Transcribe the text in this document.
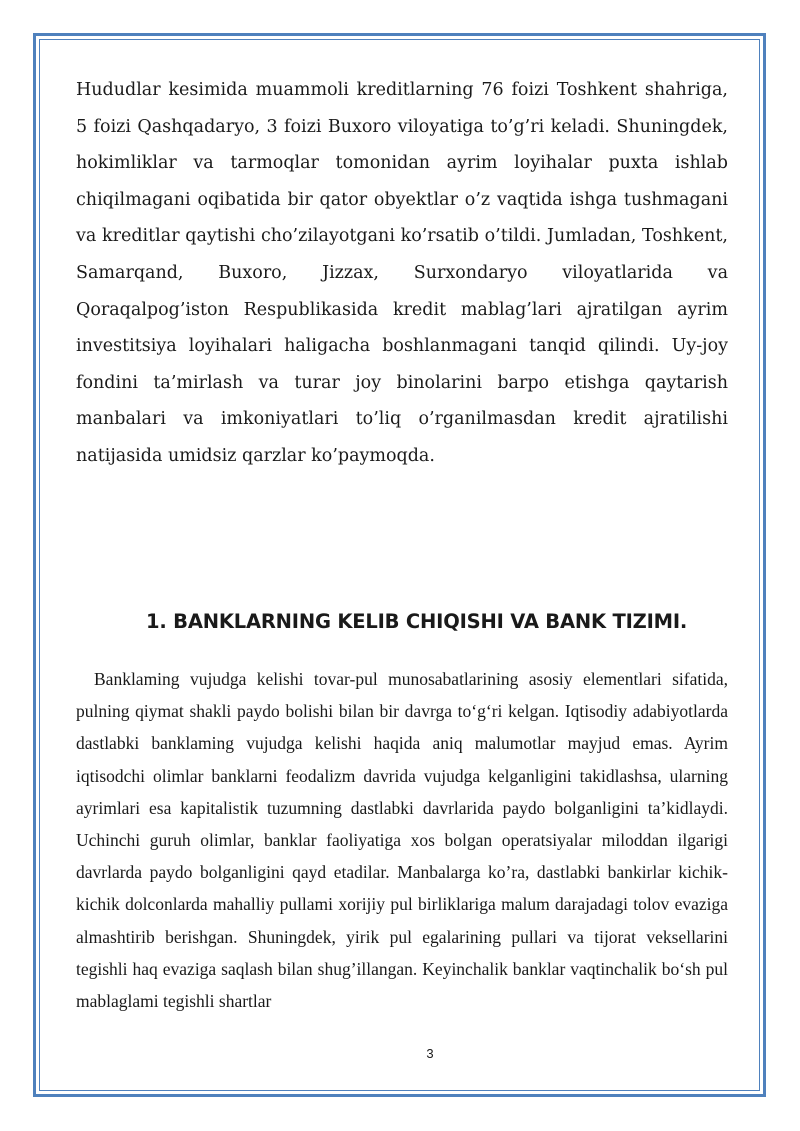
Hududlar kesimida muammoli kreditlarning 76 foizi Toshkent shahriga, 5 foizi Qashqadaryo, 3 foizi Buxoro viloyatiga to’g’ri keladi. Shuningdek, hokimliklar va tarmoqlar tomonidan ayrim loyihalar puxta ishlab chiqilmagani oqibatida bir qator obyektlar o’z vaqtida ishga tushmagani va kreditlar qaytishi cho’zilayotgani ko’rsatib o’tildi. Jumladan, Toshkent, Samarqand, Buxoro, Jizzax, Surxondaryo viloyatlarida va Qoraqalpog’iston Respublikasida kredit mablag’lari ajratilgan ayrim investitsiya loyihalari haligacha boshlanmagani tanqid qilindi. Uy-joy fondini ta’mirlash va turar joy binolarini barpo etishga qaytarish manbalari va imkoniyatlari to’liq o’rganilmasdan kredit ajratilishi natijasida umidsiz qarzlar ko’paymoqda.

1. BANKLARNING KELIB CHIQISHI VA BANK TIZIMI.

Banklaming vujudga kelishi tovar-pul munosabatlarining asosiy elementlari sifatida, pulning qiymat shakli paydo bolishi bilan bir davrga to‘g‘ri kelgan. Iqtisodiy adabiyotlarda dastlabki banklaming vujudga kelishi haqida aniq malumotlar mayjud emas. Ayrim iqtisodchi olimlar banklarni feodalizm davrida vujudga kelganligini takidlashsa, ularning ayrimlari esa kapitalistik tuzumning dastlabki davrlarida paydo bolganligini ta’kidlaydi. Uchinchi guruh olimlar, banklar faoliyatiga xos bolgan operatsiyalar miloddan ilgarigi davrlarda paydo bolganligini qayd etadilar. Manbalarga ko’ra, dastlabki bankirlar kichik-kichik dolconlarda mahalliy pullami xorijiy pul birliklariga malum darajadagi tolov evaziga almashtirib berishgan. Shuningdek, yirik pul egalarining pullari va tijorat veksellarini tegishli haq evaziga saqlash bilan shug’illangan. Keyinchalik banklar vaqtinchalik bo‘sh pul mablaglami tegishli shartlar

3
